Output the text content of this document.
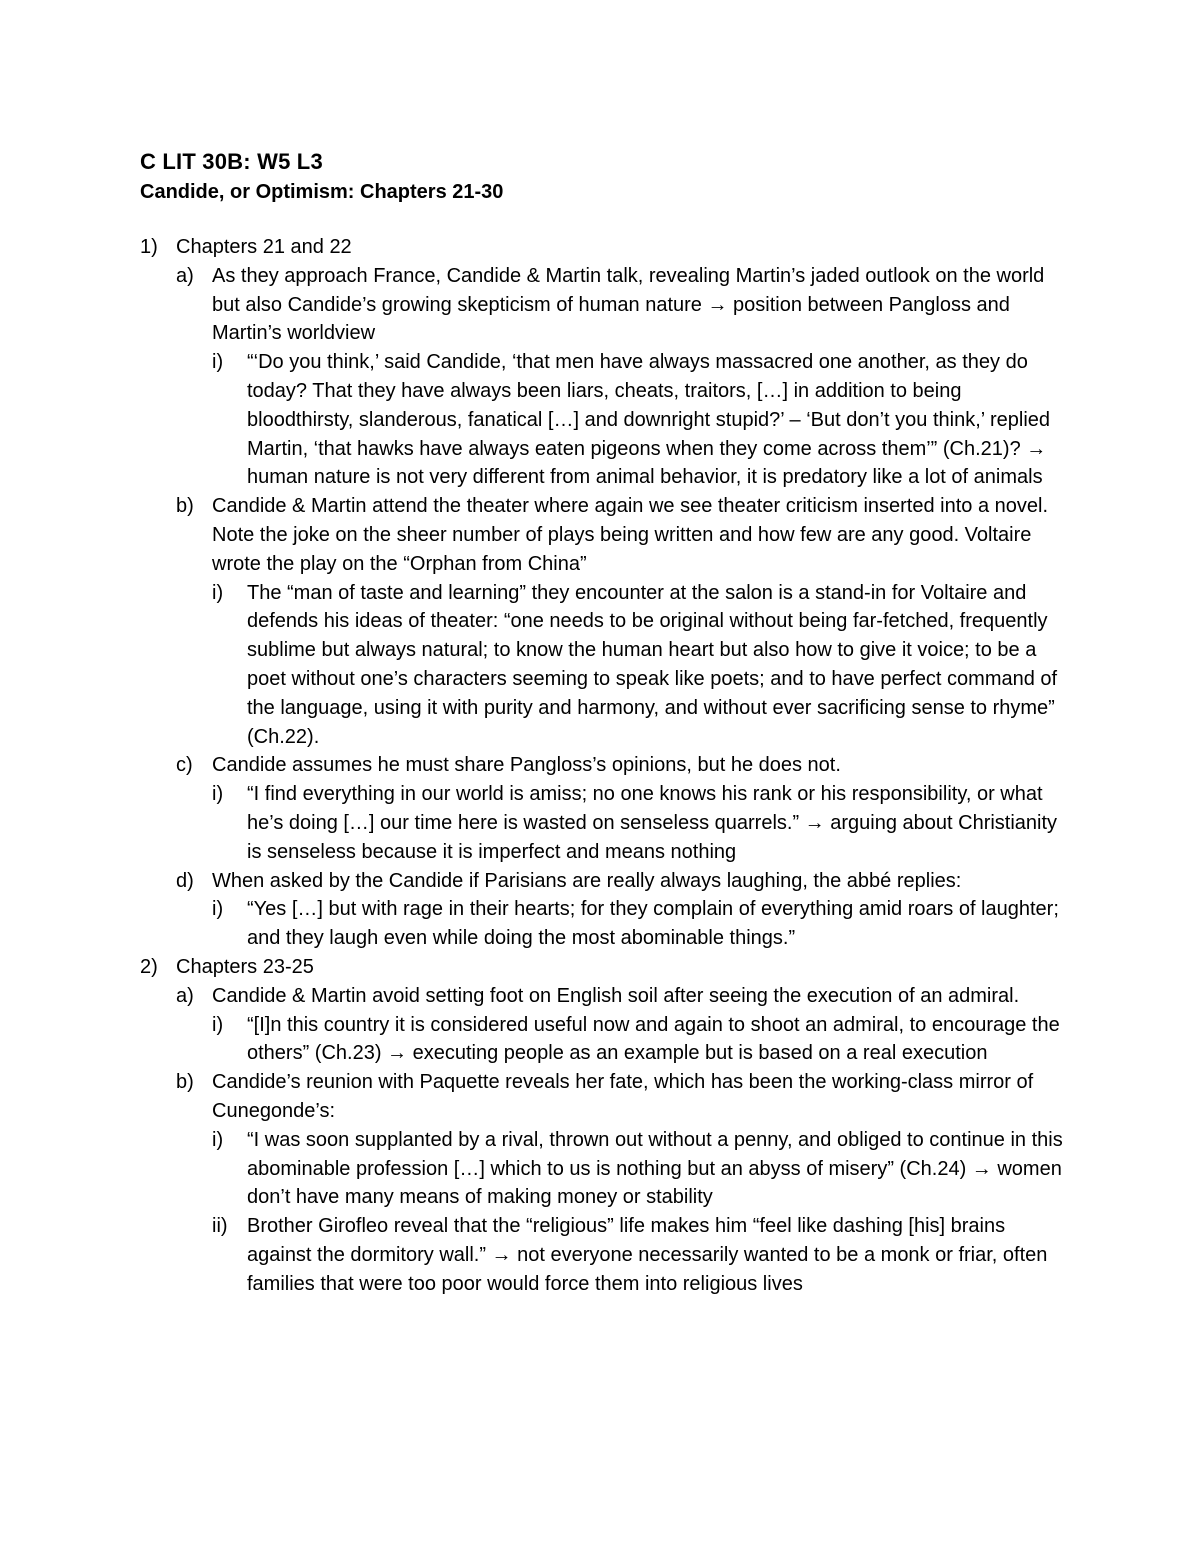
C LIT 30B: W5 L3
Candide, or Optimism: Chapters 21-30
1) Chapters 21 and 22
a) As they approach France, Candide & Martin talk, revealing Martin’s jaded outlook on the world but also Candide’s growing skepticism of human nature → position between Pangloss and Martin’s worldview
i) “‘Do you think,’ said Candide, ‘that men have always massacred one another, as they do today? That they have always been liars, cheats, traitors, […] in addition to being bloodthirsty, slanderous, fanatical […] and downright stupid?’ – ‘But don’t you think,’ replied Martin, ‘that hawks have always eaten pigeons when they come across them’” (Ch.21)? → human nature is not very different from animal behavior, it is predatory like a lot of animals
b) Candide & Martin attend the theater where again we see theater criticism inserted into a novel. Note the joke on the sheer number of plays being written and how few are any good. Voltaire wrote the play on the “Orphan from China”
i) The “man of taste and learning” they encounter at the salon is a stand-in for Voltaire and defends his ideas of theater: “one needs to be original without being far-fetched, frequently sublime but always natural; to know the human heart but also how to give it voice; to be a poet without one’s characters seeming to speak like poets; and to have perfect command of the language, using it with purity and harmony, and without ever sacrificing sense to rhyme” (Ch.22).
c) Candide assumes he must share Pangloss’s opinions, but he does not.
i) “I find everything in our world is amiss; no one knows his rank or his responsibility, or what he’s doing […] our time here is wasted on senseless quarrels.” → arguing about Christianity is senseless because it is imperfect and means nothing
d) When asked by the Candide if Parisians are really always laughing, the abbé replies:
i) “Yes […] but with rage in their hearts; for they complain of everything amid roars of laughter; and they laugh even while doing the most abominable things.”
2) Chapters 23-25
a) Candide & Martin avoid setting foot on English soil after seeing the execution of an admiral.
i) “[I]n this country it is considered useful now and again to shoot an admiral, to encourage the others” (Ch.23) → executing people as an example but is based on a real execution
b) Candide’s reunion with Paquette reveals her fate, which has been the working-class mirror of Cunegonde’s:
i) “I was soon supplanted by a rival, thrown out without a penny, and obliged to continue in this abominable profession […] which to us is nothing but an abyss of misery” (Ch.24) → women don’t have many means of making money or stability
ii) Brother Girofleo reveal that the “religious” life makes him “feel like dashing [his] brains against the dormitory wall.” → not everyone necessarily wanted to be a monk or friar, often families that were too poor would force them into religious lives
